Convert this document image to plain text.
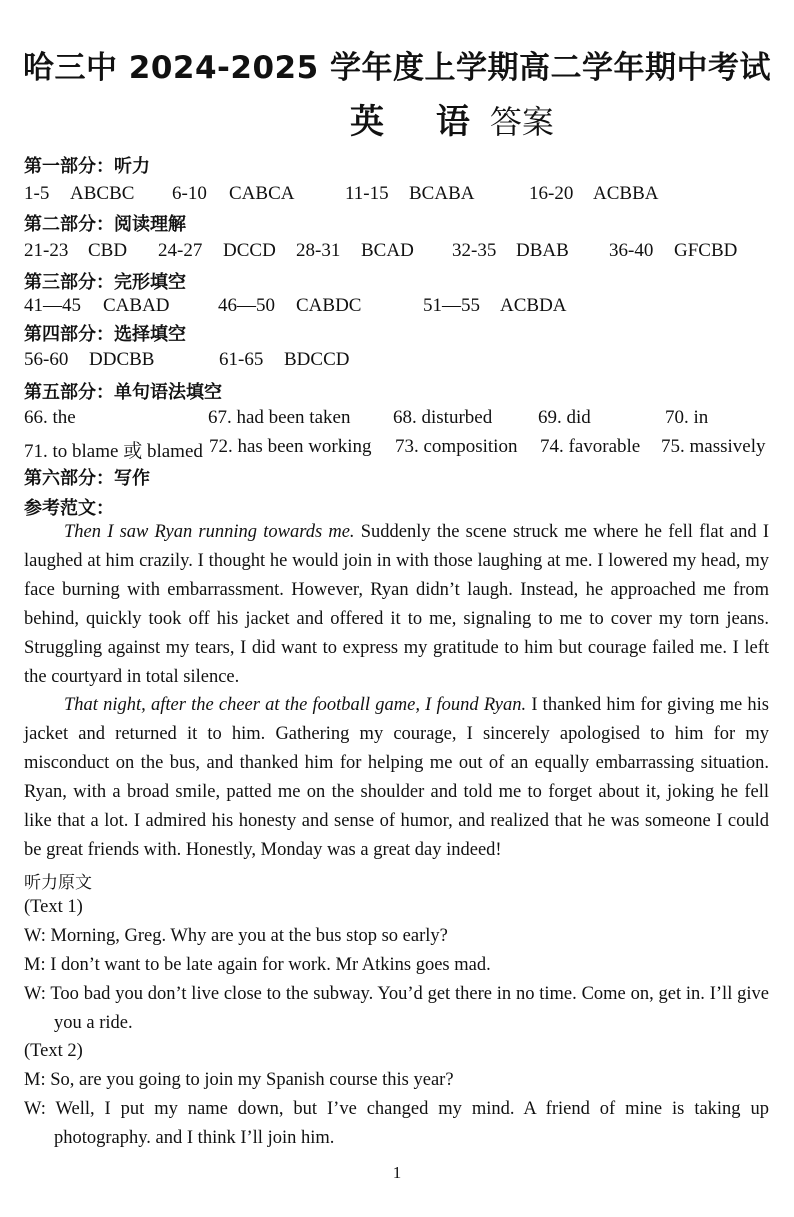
哈三中 2024-2025 学年度上学期高二学年期中考试
英 语答案
第一部分：听力
1-5 ABCBC 6-10 CABCA	11-15 BCABA	16-20 ACBBA
第二部分：阅读理解
21-23 CBD 24-27 DCCD 28-31 BCAD 32-35 DBAB 36-40 GFCBD
第三部分：完形填空
41—45 CABAD	46—50 CABDC	51—55 ACBDA
第四部分：选择填空
56-60 DDCBB	61-65 BDCCD
第五部分：单句语法填空
66. the	67. had been taken 68. disturbed 69. did	70. in
71. to blame 或 blamed 72. has been working 73. composition 74. favorable 75. massively
第六部分：写作
参考范文：
Then I saw Ryan running towards me. Suddenly the scene struck me where he fell flat and I laughed at him crazily. I thought he would join in with those laughing at me. I lowered my head, my face burning with embarrassment. However, Ryan didn’t laugh. Instead, he approached me from behind, quickly took off his jacket and offered it to me, signaling to me to cover my torn jeans. Struggling against my tears, I did want to express my gratitude to him but courage failed me. I left the courtyard in total silence.
That night, after the cheer at the football game, I found Ryan. I thanked him for giving me his jacket and returned it to him. Gathering my courage, I sincerely apologised to him for my misconduct on the bus, and thanked him for helping me out of an equally embarrassing situation. Ryan, with a broad smile, patted me on the shoulder and told me to forget about it, joking he fell like that a lot. I admired his honesty and sense of humor, and realized that he was someone I could be great friends with. Honestly, Monday was a great day indeed!
听力原文
(Text 1)
W: Morning, Greg. Why are you at the bus stop so early?
M: I don’t want to be late again for work. Mr Atkins goes mad.
W: Too bad you don’t live close to the subway. You’d get there in no time. Come on, get in. I’ll give you a ride.
(Text 2)
M: So, are you going to join my Spanish course this year?
W: Well, I put my name down, but I’ve changed my mind. A friend of mine is taking up photography. and I think I’ll join him.
1
